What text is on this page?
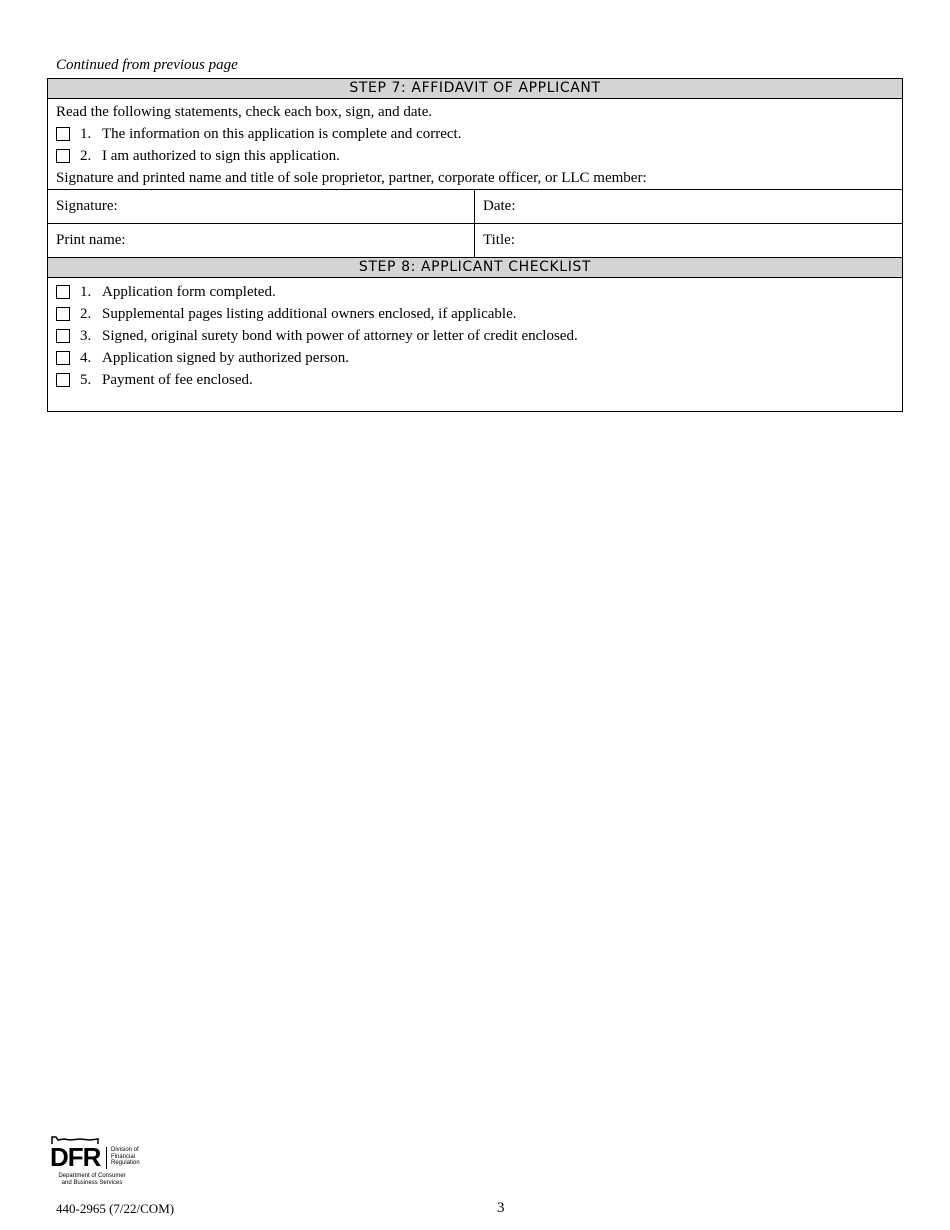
Continued from previous page
STEP 7: AFFIDAVIT OF APPLICANT
Read the following statements, check each box, sign, and date.
1. The information on this application is complete and correct.
2. I am authorized to sign this application.
Signature and printed name and title of sole proprietor, partner, corporate officer, or LLC member:
Signature:	Date:
Print name:	Title:
STEP 8: APPLICANT CHECKLIST
1. Application form completed.
2. Supplemental pages listing additional owners enclosed, if applicable.
3. Signed, original surety bond with power of attorney or letter of credit enclosed.
4. Application signed by authorized person.
5. Payment of fee enclosed.
DFR Division of
Financial
Regulation
Department of Consumer
and Business Services
440-2965 (7/22/COM)	3
